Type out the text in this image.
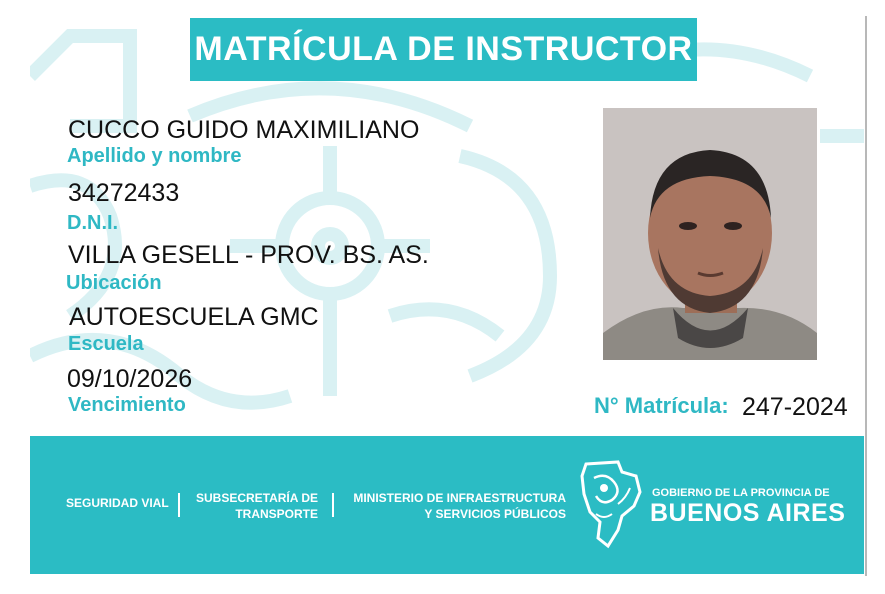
MATRÍCULA DE INSTRUCTOR
CUCCO GUIDO MAXIMILIANO
Apellido y nombre
34272433
D.N.I.
VILLA GESELL - PROV. BS. AS.
Ubicación
AUTOESCUELA GMC
Escuela
09/10/2026
Vencimiento	N° Matrícula: 247-2024
SEGURIDAD VIAL	SUBSECRETARÍA DE
TRANSPORTE
MINISTERIO DE INFRAESTRUCTURA
Y SERVICIOS PÚBLICOS
GOBIERNO DE LA PROVINCIA DE
BUENOS AIRES
